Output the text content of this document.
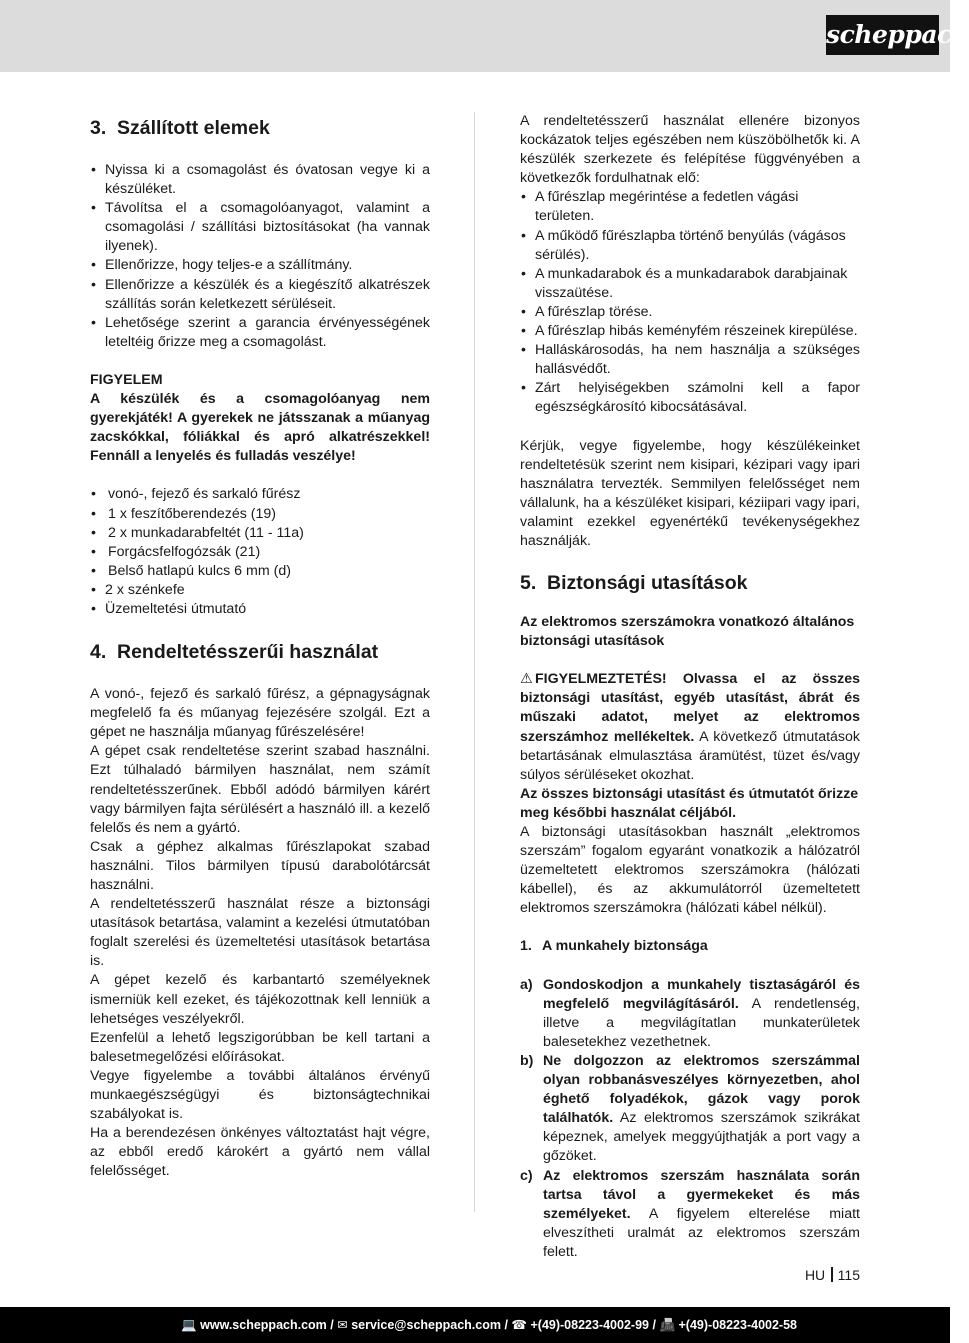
scheppach
3. Szállított elemek
• Nyissa ki a csomagolást és óvatosan vegye ki a készüléket.
• Távolítsa el a csomagolóanyagot, valamint a csomagolási / szállítási biztosításokat (ha vannak ilyenek).
• Ellenőrizze, hogy teljes-e a szállítmány.
• Ellenőrizze a készülék és a kiegészítő alkatrészek szállítás során keletkezett sérüléseit.
• Lehetősége szerint a garancia érvényességének leteltéig őrizze meg a csomagolást.

FIGYELEM

A készülék és a csomagolóanyag nem gyerekjáték! A gyerekek ne játsszanak a műanyag zacskókkal, fóliákkal és apró alkatrészekkel! Fennáll a lenyelés és fulladás veszélye!

• vonó-, fejező és sarkaló fűrész
• 1 x feszítőberendezés (19)
• 2 x munkadarabfeltét (11 - 11a)
• Forgácsfelfogózsák (21)
• Belső hatlapú kulcs 6 mm (d)
• 2 x szénkefe
• Üzemeltetési útmutató
4. Rendeltetésszerűi használat

A vonó-, fejező és sarkaló fűrész, a gépnagyságnak megfelelő fa és műanyag fejezésére szolgál. Ezt a gépet ne használja műanyag fűrészelésére!

A gépet csak rendeltetése szerint szabad használni. Ezt túlhaladó bármilyen használat, nem számít rendeltetésszerűnek. Ebből adódó bármilyen kárért vagy bármilyen fajta sérülésért a használó ill. a kezelő felelős és nem a gyártó.

Csak a géphez alkalmas fűrészlapokat szabad használni. Tilos bármilyen típusú darabolótárcsát használni.

A rendeltetésszerű használat része a biztonsági utasítások betartása, valamint a kezelési útmutatóban foglalt szerelési és üzemeltetési utasítások betartása is.

A gépet kezelő és karbantartó személyeknek ismerniük kell ezeket, és tájékozottnak kell lenniük a lehetséges veszélyekről.

Ezenfelül a lehető legszigorúbban be kell tartani a balesetmegelőzési előírásokat.

Vegye figyelembe a további általános érvényű munkaegészségügyi és biztonságtechnikai szabályokat is.

Ha a berendezésen önkényes változtatást hajt végre, az ebből eredő károkért a gyártó nem vállal felelősséget.

A rendeltetésszerű használat ellenére bizonyos kockázatok teljes egészében nem küszöbölhetők ki. A készülék szerkezete és felépítése függvényében a következők fordulhatnak elő:

• A fűrészlap megérintése a fedetlen vágási területen.
• A működő fűrészlapba történő benyúlás (vágásos sérülés).
• A munkadarabok és a munkadarabok darabjainak visszaütése.
• A fűrészlap törése.
• A fűrészlap hibás keményfém részeinek kirepülése.
• Halláskárosodás, ha nem használja a szükséges hallásvédőt.
• Zárt helyiségekben számolni kell a fapor egészségkárosító kibocsátásával.

Kérjük, vegye figyelembe, hogy készülékeinket rendeltetésük szerint nem kisipari, kézipari vagy ipari használatra tervezték. Semmilyen felelősséget nem vállalunk, ha a készüléket kisipari, kéziipari vagy ipari, valamint ezekkel egyenértékű tevékenységekhez használják.

5. Biztonsági utasítások

Az elektromos szerszámokra vonatkozó általános biztonsági utasítások

⚠ FIGYELMEZTETÉS! Olvassa el az összes biztonsági utasítást, egyéb utasítást, ábrát és műszaki adatot, melyet az elektromos szerszámhoz mellékeltek. A következő útmutatások betartásának elmulasztása áramütést, tüzet és/vagy súlyos sérüléseket okozhat.

Az összes biztonsági utasítást és útmutatót őrizze meg későbbi használat céljából.

A biztonsági utasításokban használt „elektromos szerszám” fogalom egyaránt vonatkozik a hálózatról üzemeltetett elektromos szerszámokra (hálózati kábellel), és az akkumulátorról üzemeltetett elektromos szerszámokra (hálózati kábel nélkül).

1. A munkahely biztonsága
a) Gondoskodjon a munkahely tisztaságáról és megfelelő megvilágításáról. A rendetlenség, illetve a megvilágítatlan munkaterületek balesetekhez vezethetnek.
b) Ne dolgozzon az elektromos szerszámmal olyan robbanásveszélyes környezetben, ahol éghető folyadékok, gázok vagy porok találhatók. Az elektromos szerszámok szikrákat képeznek, amelyek meggyújthatják a port vagy a gőzöket.
c) Az elektromos szerszám használata során tartsa távol a gyermekeket és más személyeket. A figyelem elterelése miatt elveszítheti uralmát az elektromos szerszám felett.
HU 115
💻 www.scheppach.com / ✉ service@scheppach.com / ☎ +(49)-08223-4002-99 / 📠 +(49)-08223-4002-58
